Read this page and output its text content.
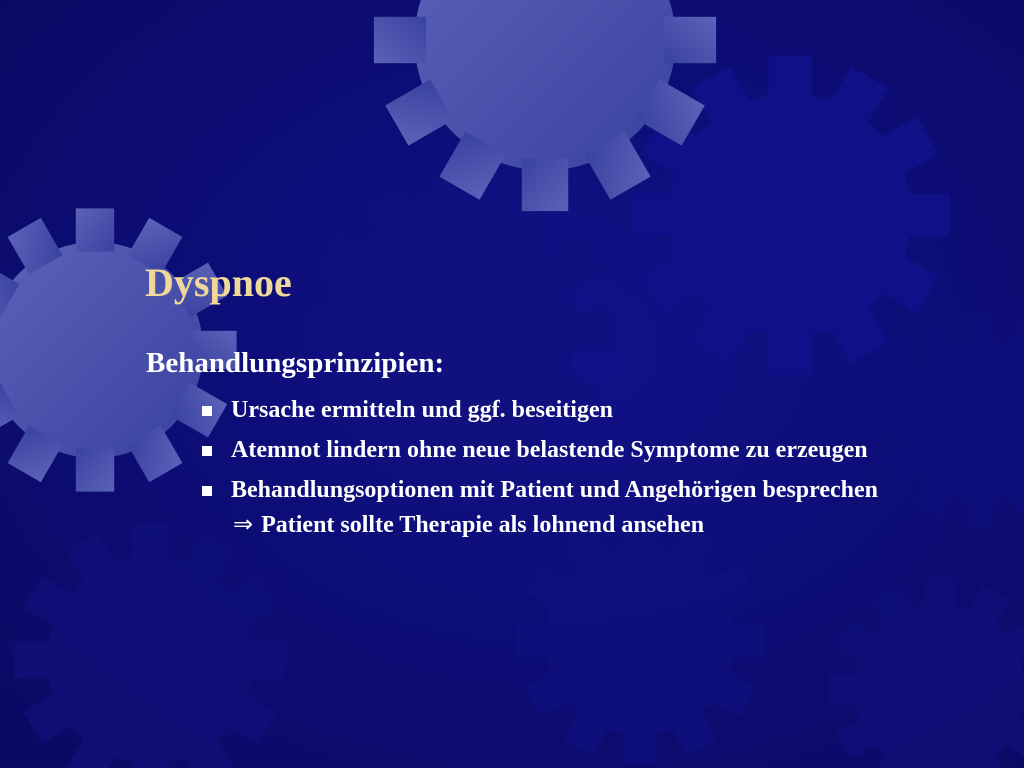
Dyspnoe
Behandlungsprinzipien:
Ursache ermitteln und ggf. beseitigen
Atemnot lindern ohne neue belastende Symptome zu erzeugen
Behandlungsoptionen mit Patient und Angehörigen besprechen ⇒ Patient sollte Therapie als lohnend ansehen
